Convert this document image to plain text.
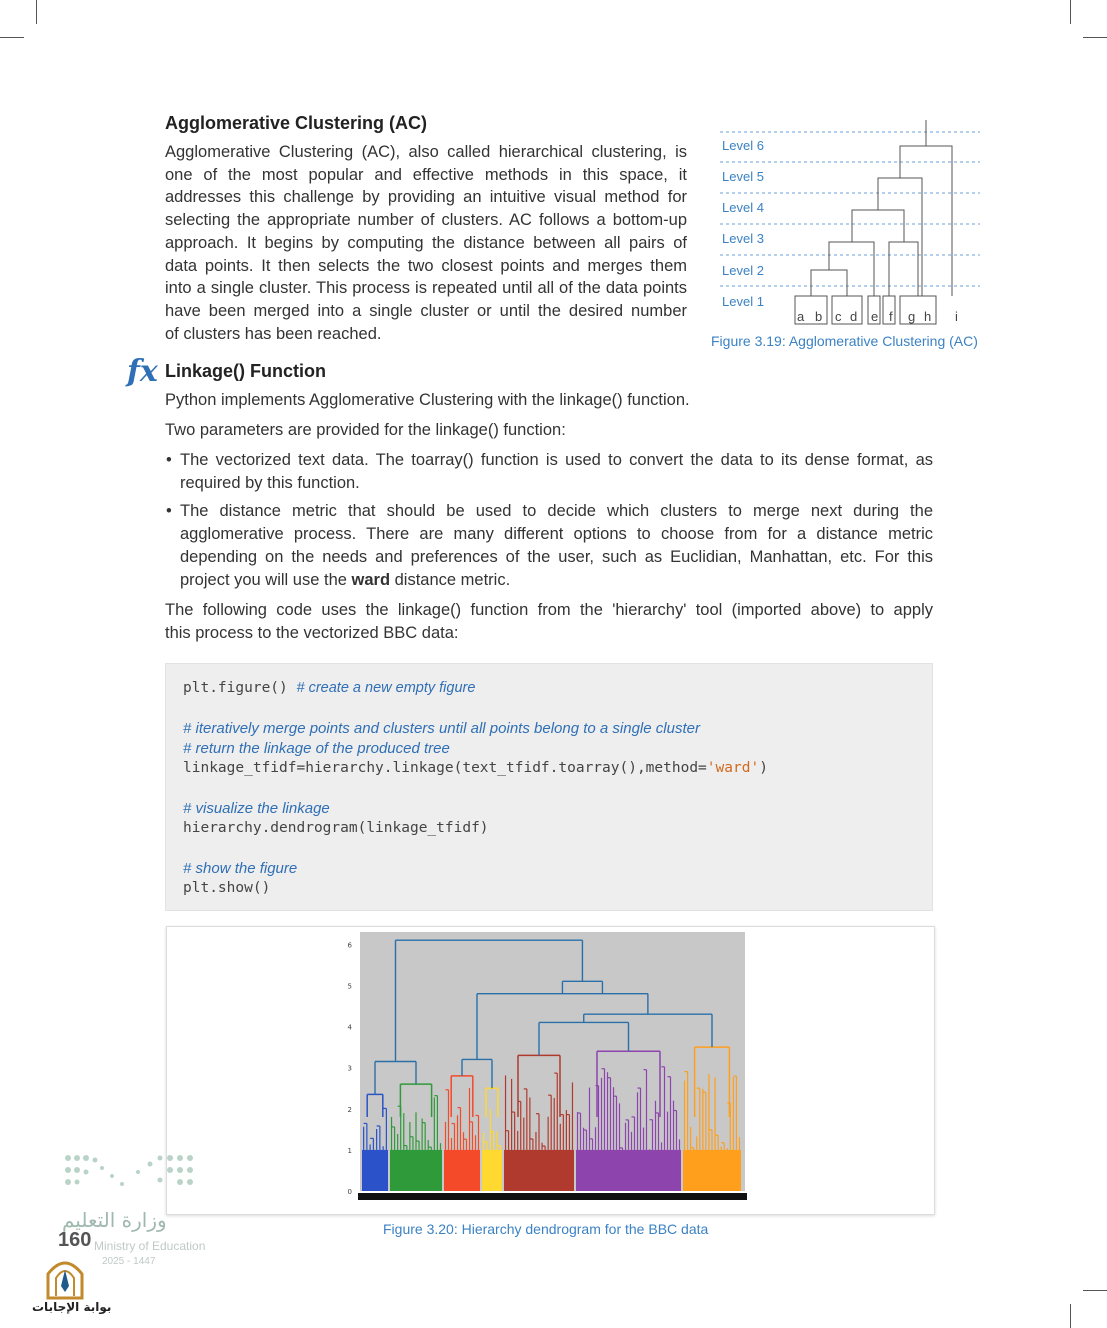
Agglomerative Clustering (AC)

Agglomerative Clustering (AC), also called hierarchical clustering, is

one of the most popular and effective methods in this space, it

addresses this challenge by providing an intuitive visual method for

selecting the appropriate number of clusters. AC follows a bottom-up

approach. It begins by computing the distance between all pairs of

data points. It then selects the two closest points and merges them

into a single cluster. This process is repeated until all of the data points

have been merged into a single cluster or until the desired number

of clusters has been reached.

Level 6
Level 5
Level 4
Level 3
Level 2
Level 1
a b c d e f g h i
Figure 3.19: Agglomerative Clustering (AC)
fx Linkage() Function

Python implements Agglomerative Clustering with the linkage() function.

Two parameters are provided for the linkage() function:

• The vectorized text data. The toarray() function is used to convert the data to its dense format, as
required by this function.
• The distance metric that should be used to decide which clusters to merge next during the
agglomerative process. There are many different options to choose from for a distance metric
depending on the needs and preferences of the user, such as Euclidian, Manhattan, etc. For this
project you will use the ward distance metric.

The following code uses the linkage() function from the 'hierarchy' tool (imported above) to apply

this process to the vectorized BBC data:

plt.figure() # create a new empty figure
# iteratively merge points and clusters until all points belong to a single cluster
# return the linkage of the produced tree
linkage_tfidf=hierarchy.linkage(text_tfidf.toarray(),method='ward')
# visualize the linkage
hierarchy.dendrogram(linkage_tfidf)
# show the figure
plt.show()
0
1
2
3
4
5
6
Figure 3.20: Hierarchy dendrogram for the BBC data
وزارة التعليم
160 Ministry of Education
2025 - 1447
بوابة الإجابات
